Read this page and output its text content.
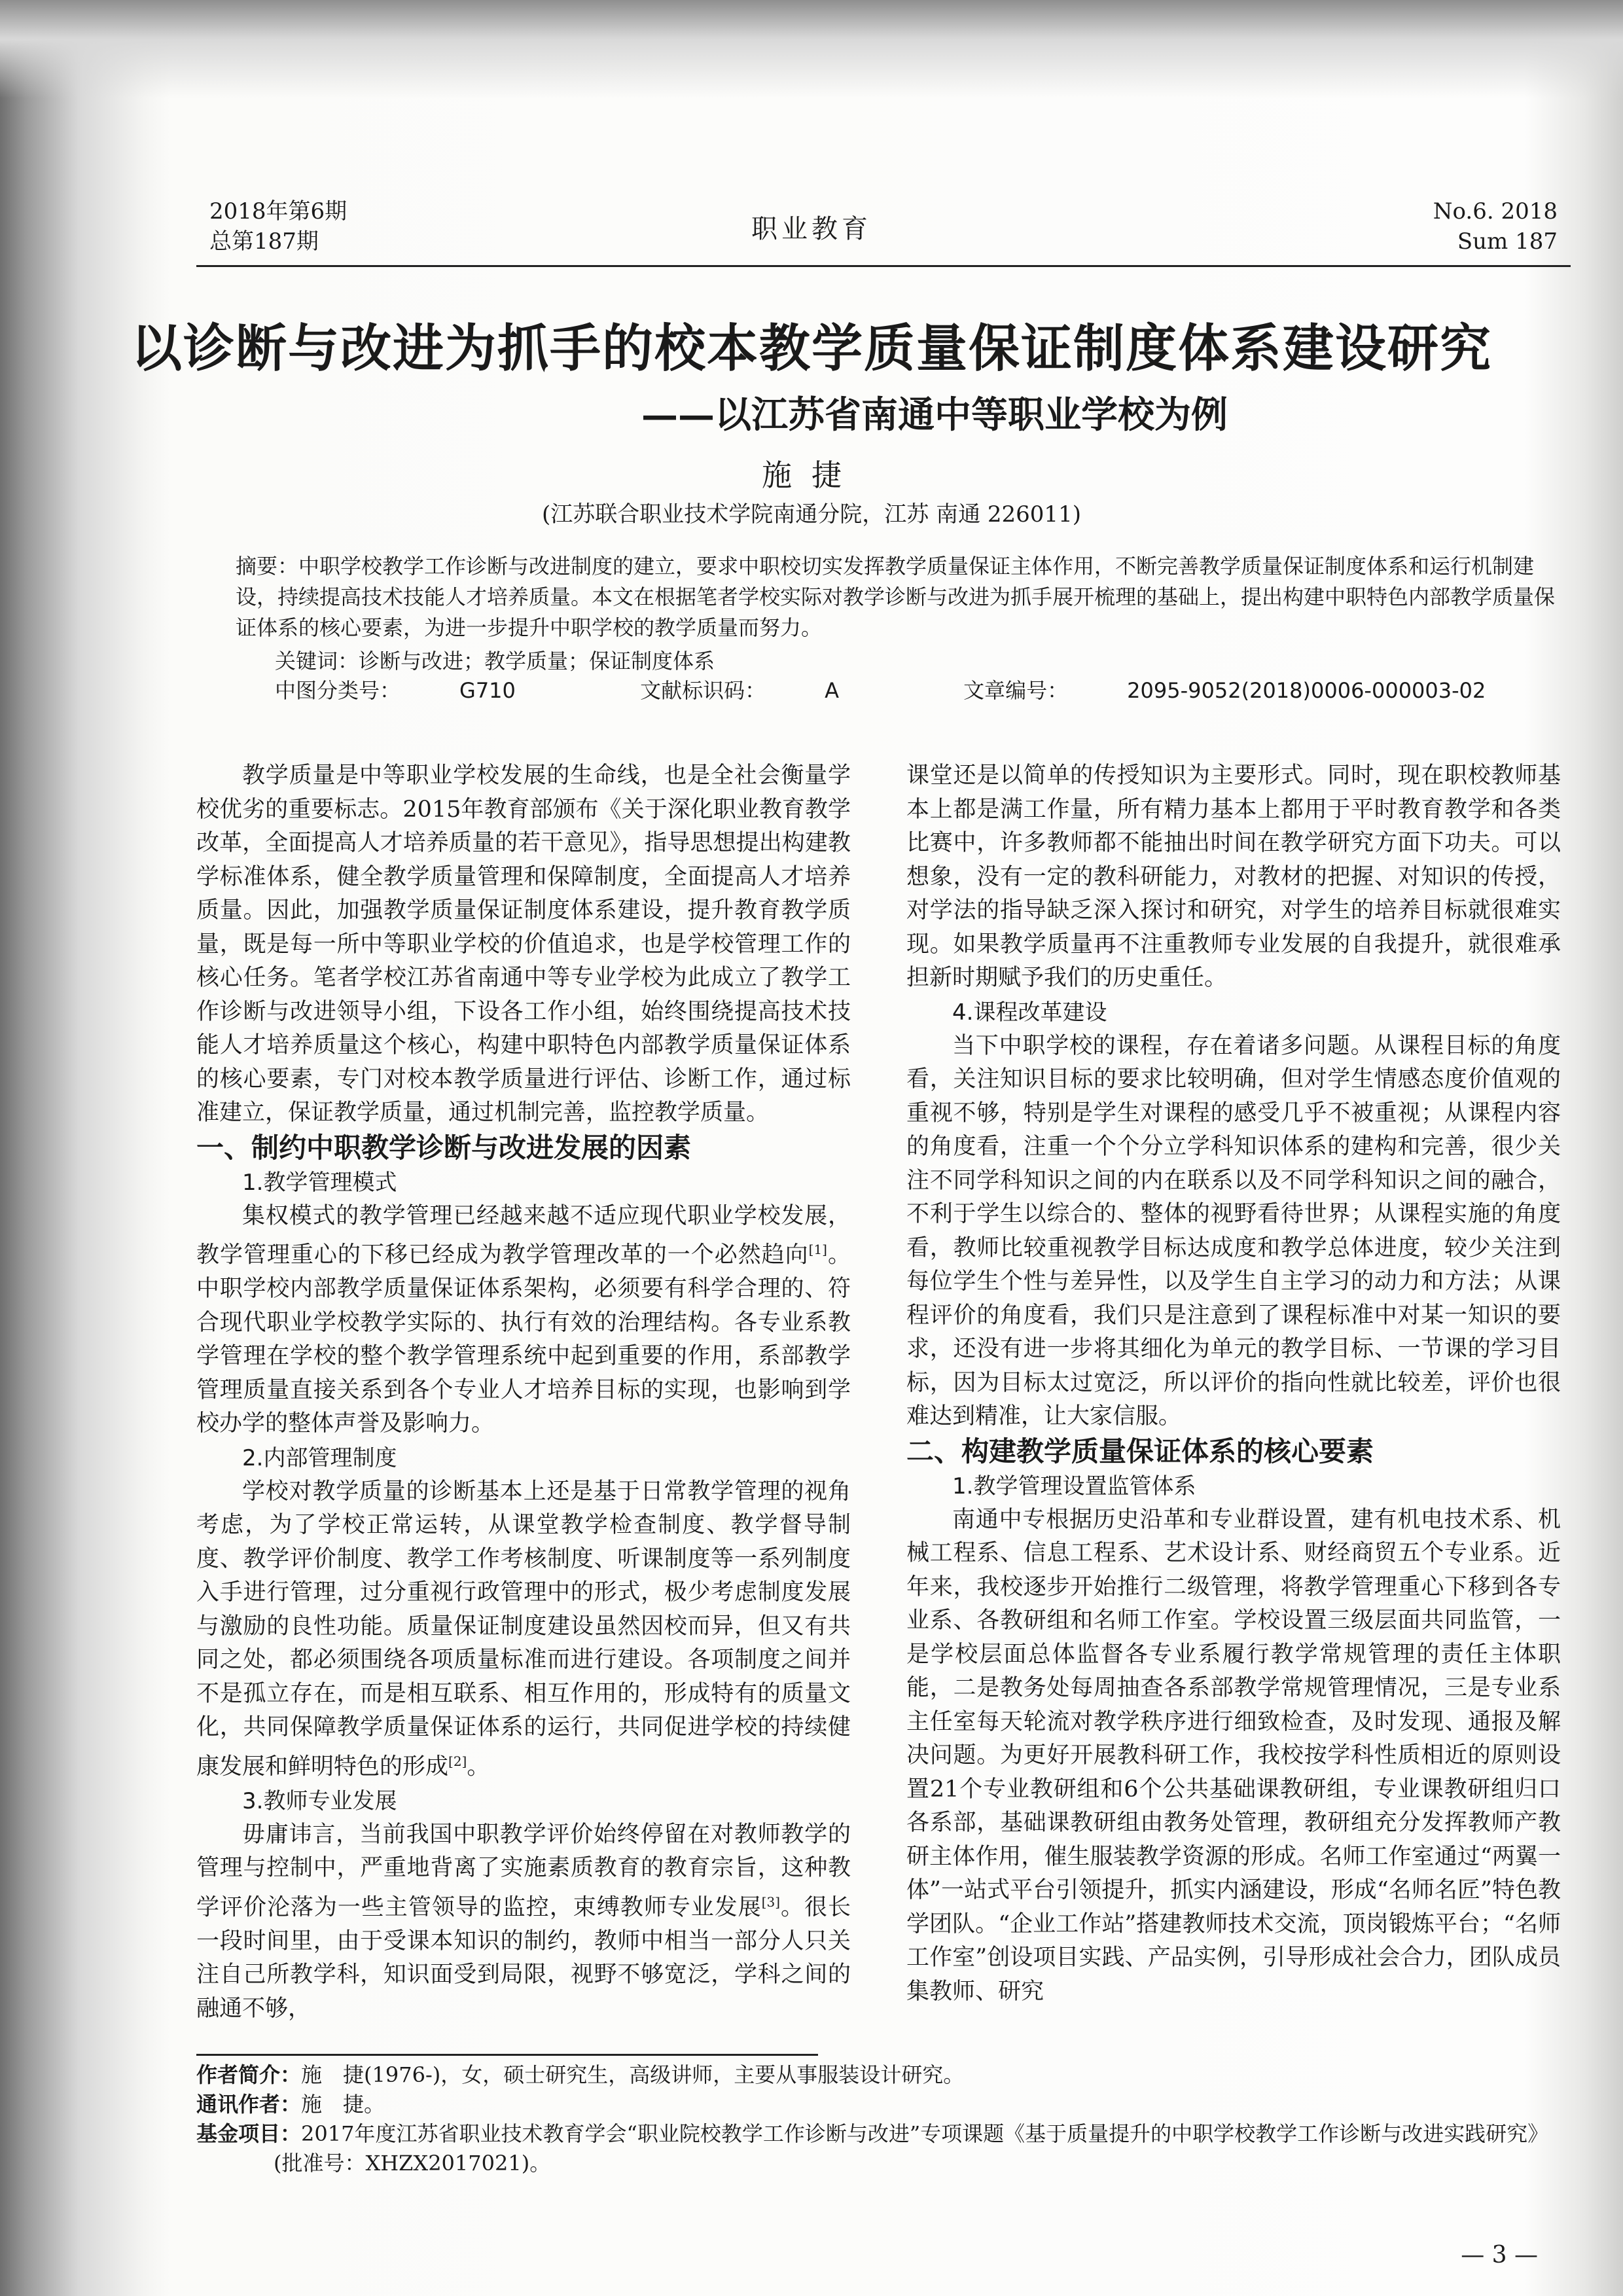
2018年第6期
总第187期	职业教育
No.6. 2018
Sum 187
以诊断与改进为抓手的校本教学质量保证制度体系建设研究
——以江苏省南通中等职业学校为例
施捷
(江苏联合职业技术学院南通分院，江苏 南通 226011)
摘要：中职学校教学工作诊断与改进制度的建立，要求中职校切实发挥教学质量保证主体作用，不断完善教学质量保证制度体系和运行机制建设，持续提高技术技能人才培养质量。本文在根据笔者学校实际对教学诊断与改进为抓手展开梳理的基础上，提出构建中职特色内部教学质量保证体系的核心要素，为进一步提升中职学校的教学质量而努力。
关键词：诊断与改进；教学质量；保证制度体系
中图分类号：	G710	文献标识码：	A	文章编号：	2095-9052(2018)0006-000003-02

教学质量是中等职业学校发展的生命线，也是全社会衡量学校优劣的重要标志。2015年教育部颁布《关于深化职业教育教学改革，全面提高人才培养质量的若干意见》，指导思想提出构建教学标准体系，健全教学质量管理和保障制度，全面提高人才培养质量。因此，加强教学质量保证制度体系建设，提升教育教学质量，既是每一所中等职业学校的价值追求，也是学校管理工作的核心任务。笔者学校江苏省南通中等专业学校为此成立了教学工作诊断与改进领导小组，下设各工作小组，始终围绕提高技术技能人才培养质量这个核心，构建中职特色内部教学质量保证体系的核心要素，专门对校本教学质量进行评估、诊断工作，通过标准建立，保证教学质量，通过机制完善，监控教学质量。

一、制约中职教学诊断与改进发展的因素
1.教学管理模式

集权模式的教学管理已经越来越不适应现代职业学校发展，教学管理重心的下移已经成为教学管理改革的一个必然趋向[1]。中职学校内部教学质量保证体系架构，必须要有科学合理的、符合现代职业学校教学实际的、执行有效的治理结构。各专业系教学管理在学校的整个教学管理系统中起到重要的作用，系部教学管理质量直接关系到各个专业人才培养目标的实现，也影响到学校办学的整体声誉及影响力。

2.内部管理制度

学校对教学质量的诊断基本上还是基于日常教学管理的视角考虑，为了学校正常运转，从课堂教学检查制度、教学督导制度、教学评价制度、教学工作考核制度、听课制度等一系列制度入手进行管理，过分重视行政管理中的形式，极少考虑制度发展与激励的良性功能。质量保证制度建设虽然因校而异，但又有共同之处，都必须围绕各项质量标准而进行建设。各项制度之间并不是孤立存在，而是相互联系、相互作用的，形成特有的质量文化，共同保障教学质量保证体系的运行，共同促进学校的持续健康发展和鲜明特色的形成[2]。

3.教师专业发展

毋庸讳言，当前我国中职教学评价始终停留在对教师教学的管理与控制中，严重地背离了实施素质教育的教育宗旨，这种教学评价沦落为一些主管领导的监控，束缚教师专业发展[3]。很长一段时间里，由于受课本知识的制约，教师中相当一部分人只关注自己所教学科，知识面受到局限，视野不够宽泛，学科之间的融通不够，

课堂还是以简单的传授知识为主要形式。同时，现在职校教师基本上都是满工作量，所有精力基本上都用于平时教育教学和各类比赛中，许多教师都不能抽出时间在教学研究方面下功夫。可以想象，没有一定的教科研能力，对教材的把握、对知识的传授，对学法的指导缺乏深入探讨和研究，对学生的培养目标就很难实现。如果教学质量再不注重教师专业发展的自我提升，就很难承担新时期赋予我们的历史重任。

4.课程改革建设

当下中职学校的课程，存在着诸多问题。从课程目标的角度看，关注知识目标的要求比较明确，但对学生情感态度价值观的重视不够，特别是学生对课程的感受几乎不被重视；从课程内容的角度看，注重一个个分立学科知识体系的建构和完善，很少关注不同学科知识之间的内在联系以及不同学科知识之间的融合，不利于学生以综合的、整体的视野看待世界；从课程实施的角度看，教师比较重视教学目标达成度和教学总体进度，较少关注到每位学生个性与差异性，以及学生自主学习的动力和方法；从课程评价的角度看，我们只是注意到了课程标准中对某一知识的要求，还没有进一步将其细化为单元的教学目标、一节课的学习目标，因为目标太过宽泛，所以评价的指向性就比较差，评价也很难达到精准，让大家信服。

二、构建教学质量保证体系的核心要素
1.教学管理设置监管体系

南通中专根据历史沿革和专业群设置，建有机电技术系、机械工程系、信息工程系、艺术设计系、财经商贸五个专业系。近年来，我校逐步开始推行二级管理，将教学管理重心下移到各专业系、各教研组和名师工作室。学校设置三级层面共同监管，一是学校层面总体监督各专业系履行教学常规管理的责任主体职能，二是教务处每周抽查各系部教学常规管理情况，三是专业系主任室每天轮流对教学秩序进行细致检查，及时发现、通报及解决问题。为更好开展教科研工作，我校按学科性质相近的原则设置21个专业教研组和6个公共基础课教研组，专业课教研组归口各系部，基础课教研组由教务处管理，教研组充分发挥教师产教研主体作用，催生服装教学资源的形成。名师工作室通过“两翼一体”一站式平台引领提升，抓实内涵建设，形成“名师名匠”特色教学团队。“企业工作站”搭建教师技术交流，顶岗锻炼平台；“名师工作室”创设项目实践、产品实例，引导形成社会合力，团队成员集教师、研究

作者简介：施　捷(1976-)，女，硕士研究生，高级讲师，主要从事服装设计研究。
通讯作者：施　捷。
基金项目：2017年度江苏省职业技术教育学会“职业院校教学工作诊断与改进”专项课题《基于质量提升的中职学校教学工作诊断与改进实践研究》(批准号：XHZX2017021)。
— 3 —
